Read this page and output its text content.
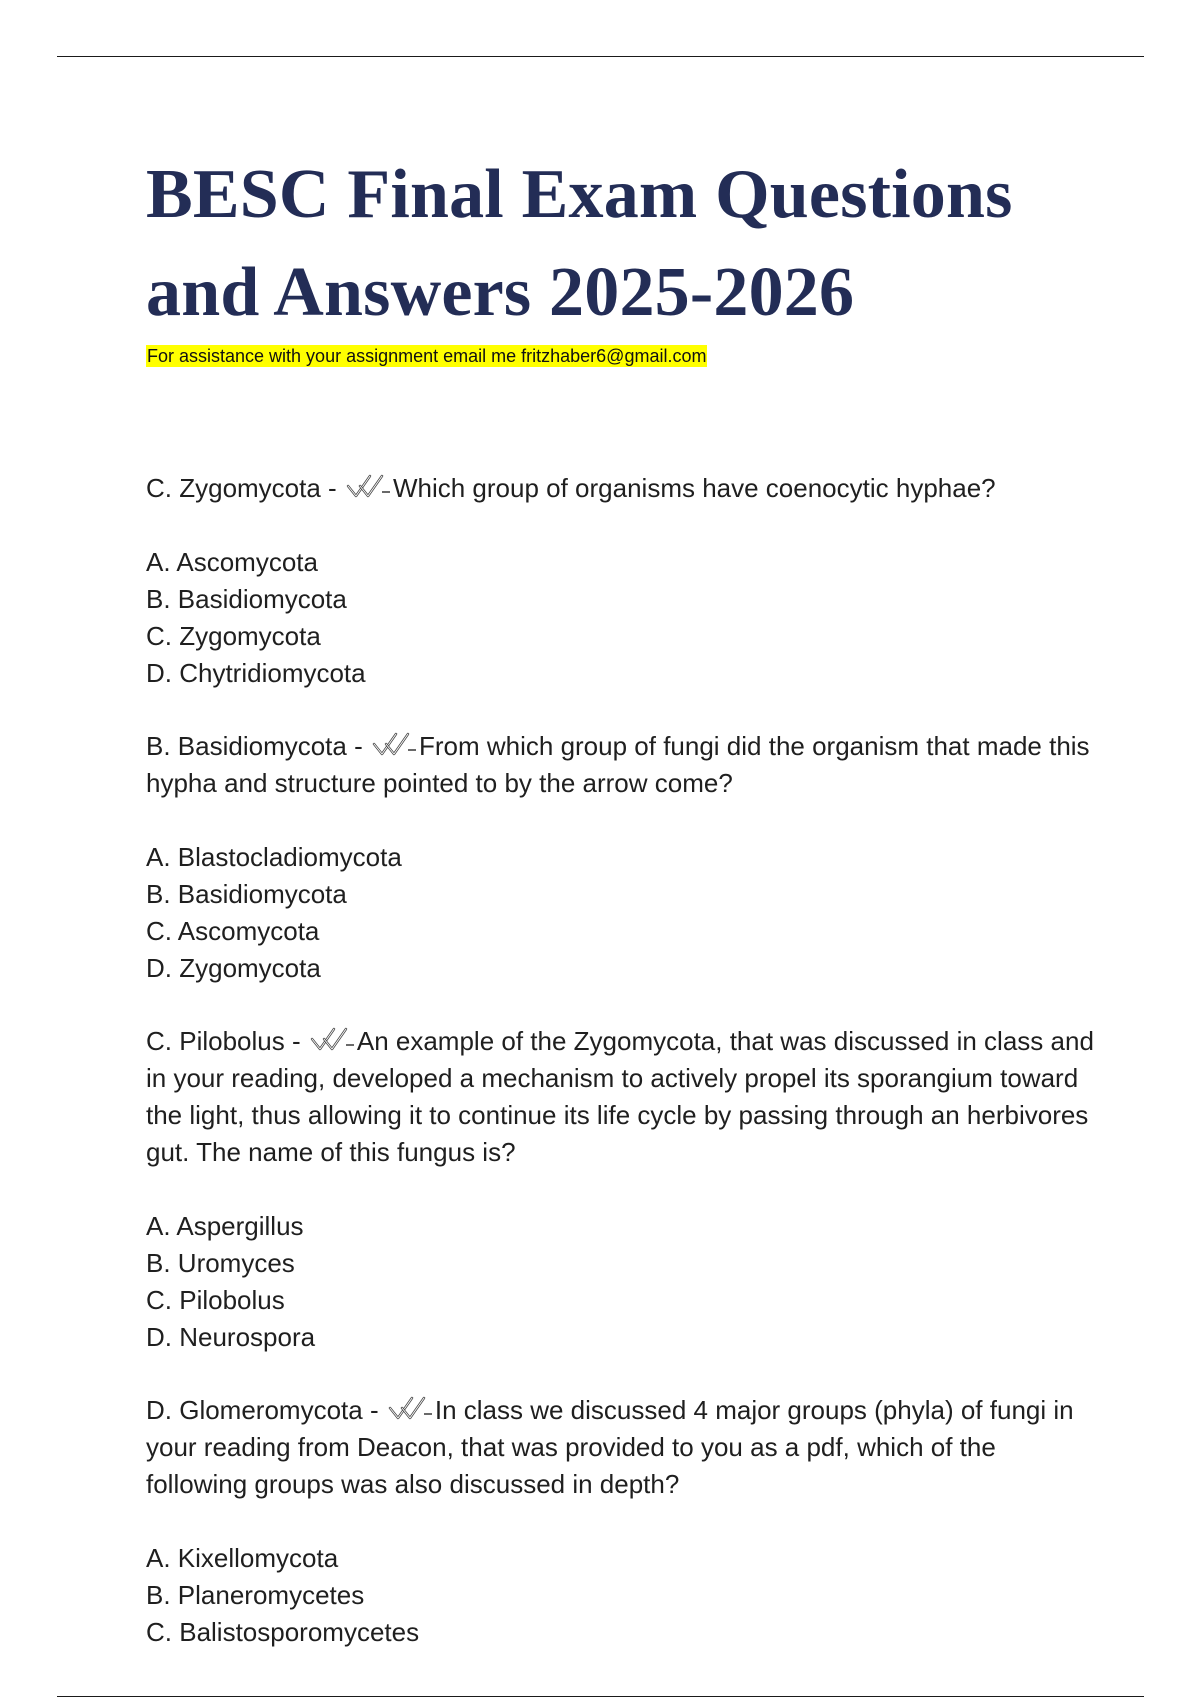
BESC Final Exam Questions and Answers 2025-2026
For assistance with your assignment email me fritzhaber6@gmail.com

C. Zygomycota - Which group of organisms have coenocytic hyphae?

A. Ascomycota
B. Basidiomycota
C. Zygomycota
D. Chytridiomycota

B. Basidiomycota - From which group of fungi did the organism that made this hypha and structure pointed to by the arrow come?

A. Blastocladiomycota
B. Basidiomycota
C. Ascomycota
D. Zygomycota

C. Pilobolus - An example of the Zygomycota, that was discussed in class and in your reading, developed a mechanism to actively propel its sporangium toward the light, thus allowing it to continue its life cycle by passing through an herbivores gut. The name of this fungus is?

A. Aspergillus
B. Uromyces
C. Pilobolus
D. Neurospora

D. Glomeromycota - In class we discussed 4 major groups (phyla) of fungi in your reading from Deacon, that was provided to you as a pdf, which of the following groups was also discussed in depth?

A. Kixellomycota
B. Planeromycetes
C. Balistosporomycetes
